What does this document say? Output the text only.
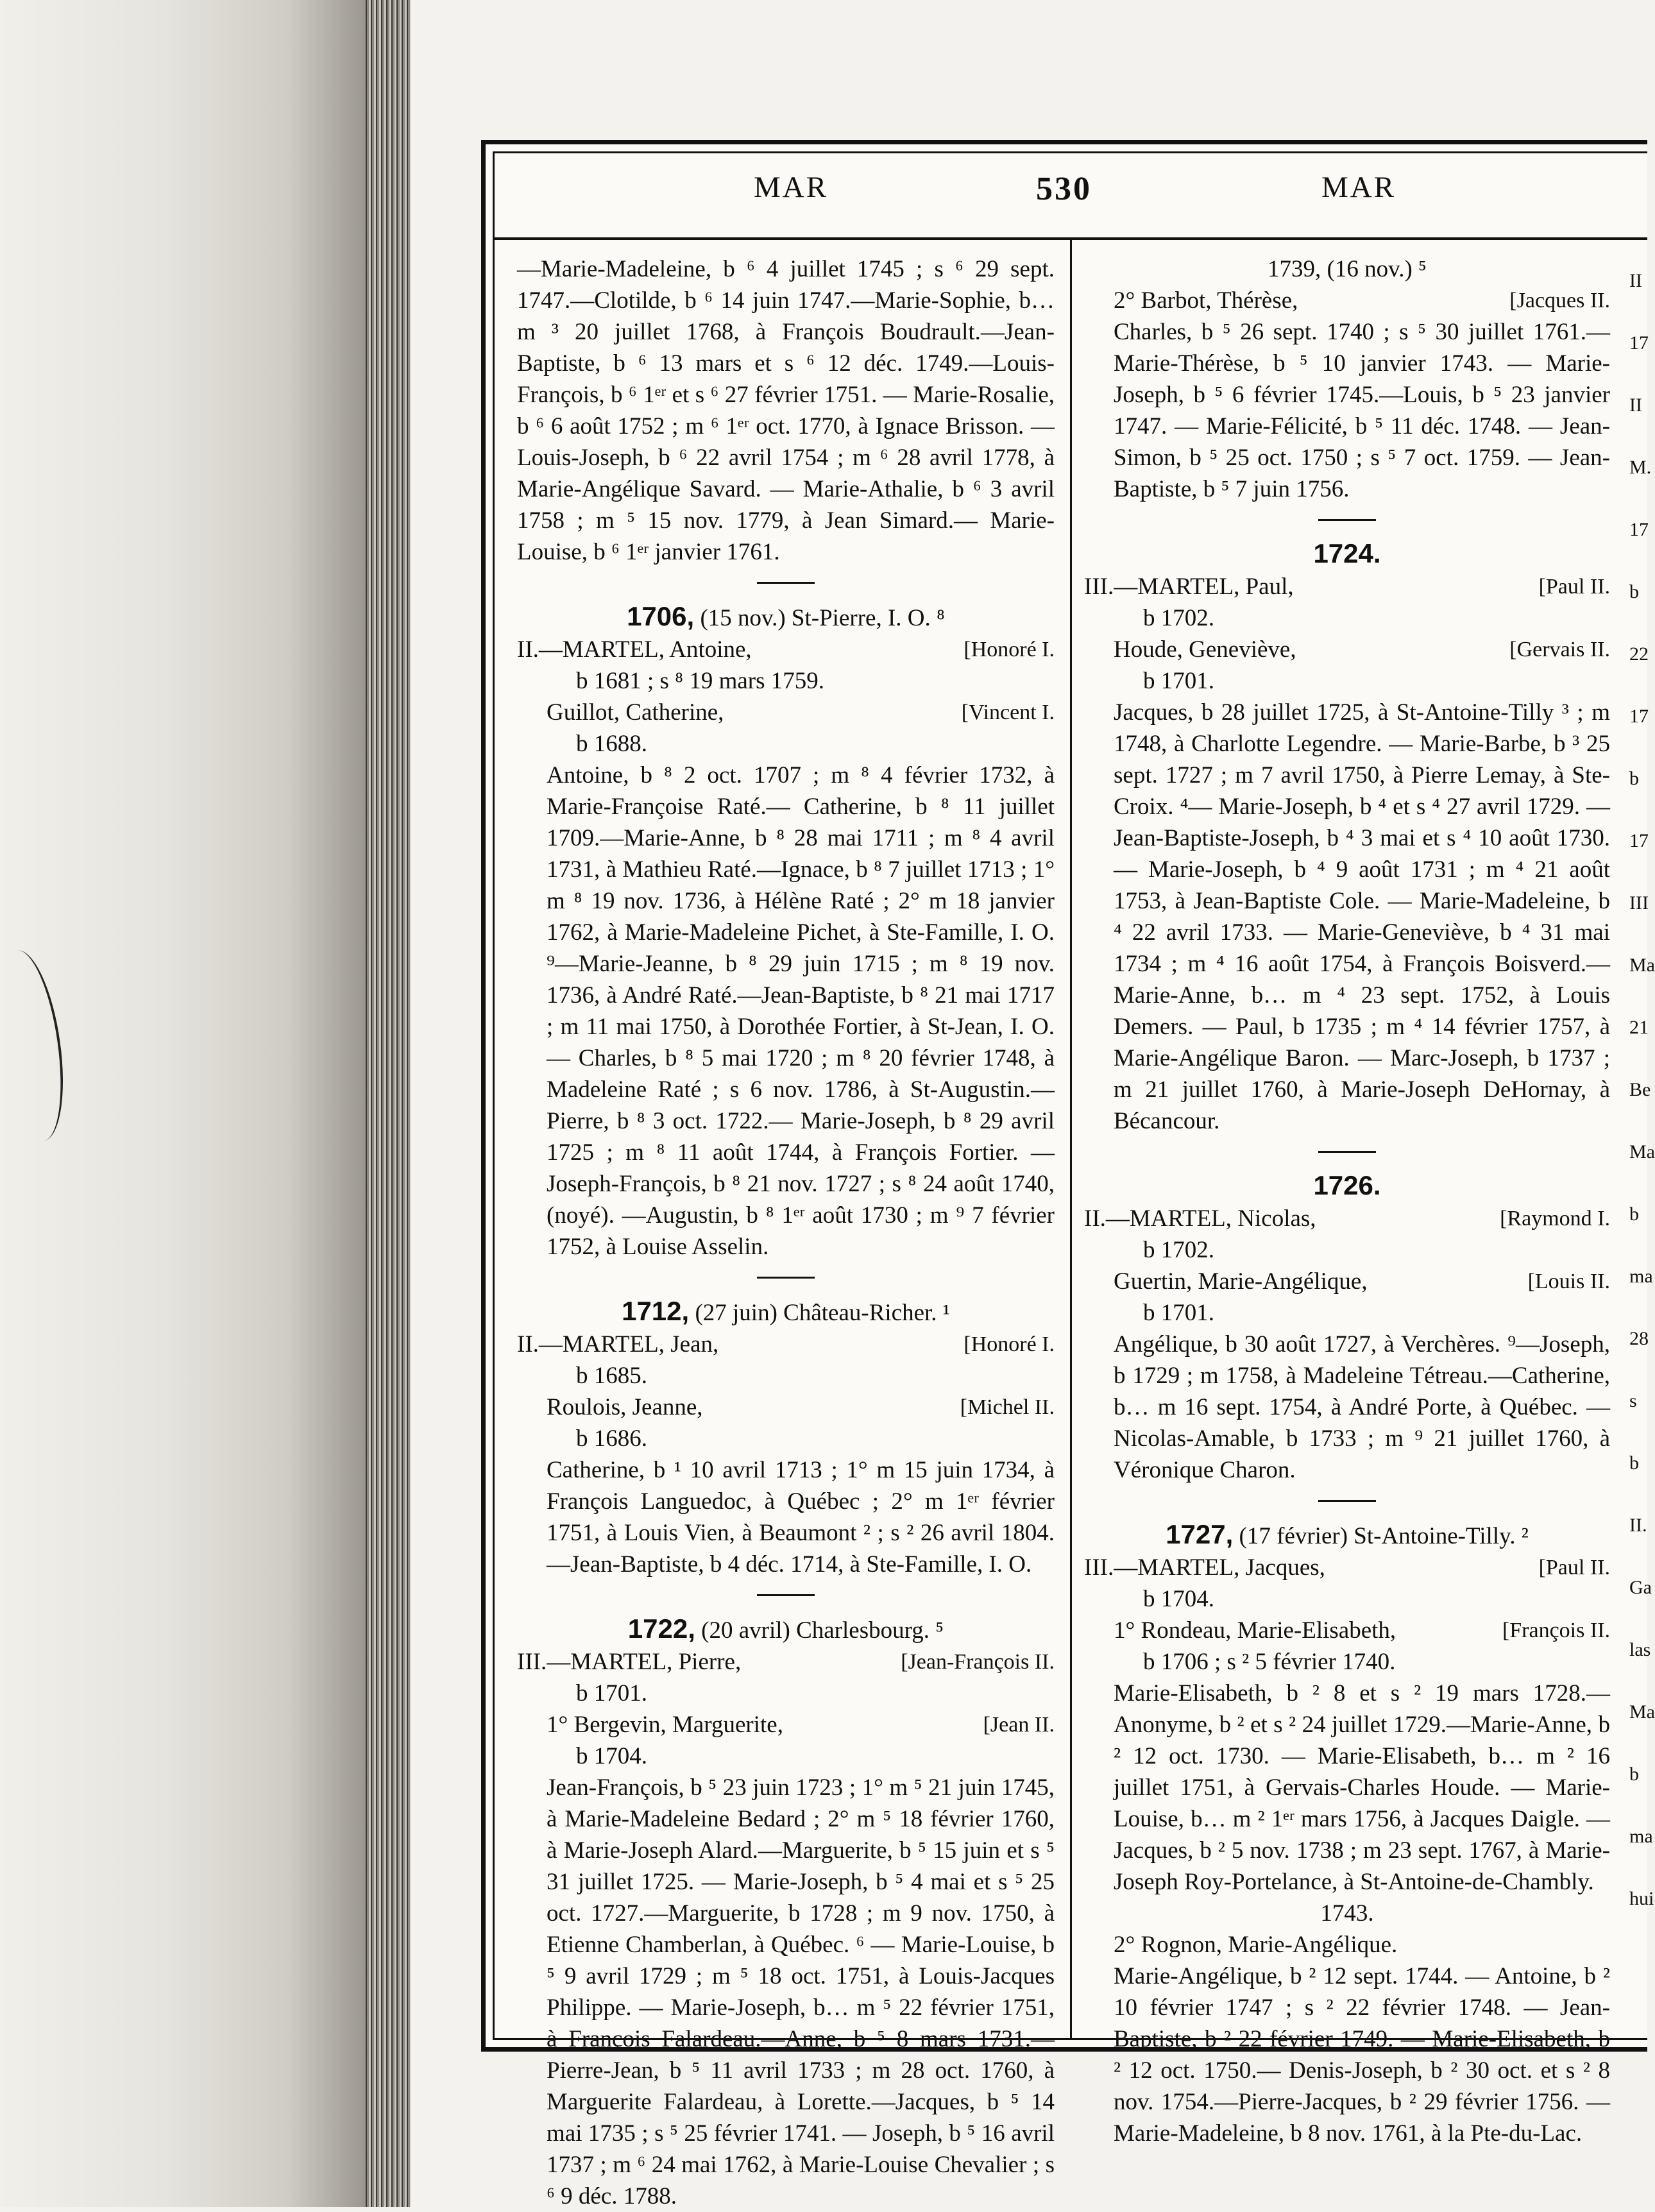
MAR	530	MAR

—Marie-Madeleine, b ⁶ 4 juillet 1745 ; s ⁶ 29 sept. 1747.—Clotilde, b ⁶ 14 juin 1747.—Marie-Sophie, b… m ³ 20 juillet 1768, à François Boudrault.—Jean-Baptiste, b ⁶ 13 mars et s ⁶ 12 déc. 1749.—Louis-François, b ⁶ 1ᵉʳ et s ⁶ 27 février 1751. — Marie-Rosalie, b ⁶ 6 août 1752 ; m ⁶ 1ᵉʳ oct. 1770, à Ignace Brisson. — Louis-Joseph, b ⁶ 22 avril 1754 ; m ⁶ 28 avril 1778, à Marie-Angélique Savard. — Marie-Athalie, b ⁶ 3 avril 1758 ; m ⁵ 15 nov. 1779, à Jean Simard.— Marie-Louise, b ⁶ 1ᵉʳ janvier 1761.

1706, (15 nov.) St-Pierre, I. O. ⁸

II.—MARTEL, Antoine,	[Honoré I.

b 1681 ; s ⁸ 19 mars 1759.

Guillot, Catherine,	[Vincent I.

b 1688.

Antoine, b ⁸ 2 oct. 1707 ; m ⁸ 4 février 1732, à Marie-Françoise Raté.— Catherine, b ⁸ 11 juillet 1709.—Marie-Anne, b ⁸ 28 mai 1711 ; m ⁸ 4 avril 1731, à Mathieu Raté.—Ignace, b ⁸ 7 juillet 1713 ; 1° m ⁸ 19 nov. 1736, à Hélène Raté ; 2° m 18 janvier 1762, à Marie-Madeleine Pichet, à Ste-Famille, I. O. ⁹—Marie-Jeanne, b ⁸ 29 juin 1715 ; m ⁸ 19 nov. 1736, à André Raté.—Jean-Baptiste, b ⁸ 21 mai 1717 ; m 11 mai 1750, à Dorothée Fortier, à St-Jean, I. O. — Charles, b ⁸ 5 mai 1720 ; m ⁸ 20 février 1748, à Madeleine Raté ; s 6 nov. 1786, à St-Augustin.—Pierre, b ⁸ 3 oct. 1722.— Marie-Joseph, b ⁸ 29 avril 1725 ; m ⁸ 11 août 1744, à François Fortier. — Joseph-François, b ⁸ 21 nov. 1727 ; s ⁸ 24 août 1740, (noyé). —Augustin, b ⁸ 1ᵉʳ août 1730 ; m ⁹ 7 février 1752, à Louise Asselin.

1712, (27 juin) Château-Richer. ¹

II.—MARTEL, Jean,	[Honoré I.

b 1685.

Roulois, Jeanne,	[Michel II.

b 1686.

Catherine, b ¹ 10 avril 1713 ; 1° m 15 juin 1734, à François Languedoc, à Québec ; 2° m 1ᵉʳ février 1751, à Louis Vien, à Beaumont ² ; s ² 26 avril 1804.—Jean-Baptiste, b 4 déc. 1714, à Ste-Famille, I. O.

1722, (20 avril) Charlesbourg. ⁵

III.—MARTEL, Pierre,	[Jean-François II.

b 1701.

1° Bergevin, Marguerite,	[Jean II.

b 1704.

Jean-François, b ⁵ 23 juin 1723 ; 1° m ⁵ 21 juin 1745, à Marie-Madeleine Bedard ; 2° m ⁵ 18 février 1760, à Marie-Joseph Alard.—Marguerite, b ⁵ 15 juin et s ⁵ 31 juillet 1725. — Marie-Joseph, b ⁵ 4 mai et s ⁵ 25 oct. 1727.—Marguerite, b 1728 ; m 9 nov. 1750, à Etienne Chamberlan, à Québec. ⁶ — Marie-Louise, b ⁵ 9 avril 1729 ; m ⁵ 18 oct. 1751, à Louis-Jacques Philippe. — Marie-Joseph, b… m ⁵ 22 février 1751, à François Falardeau.—Anne, b ⁵ 8 mars 1731.— Pierre-Jean, b ⁵ 11 avril 1733 ; m 28 oct. 1760, à Marguerite Falardeau, à Lorette.—Jacques, b ⁵ 14 mai 1735 ; s ⁵ 25 février 1741. — Joseph, b ⁵ 16 avril 1737 ; m ⁶ 24 mai 1762, à Marie-Louise Chevalier ; s ⁶ 9 déc. 1788.

1739, (16 nov.) ⁵

2° Barbot, Thérèse,	[Jacques II.

Charles, b ⁵ 26 sept. 1740 ; s ⁵ 30 juillet 1761.—Marie-Thérèse, b ⁵ 10 janvier 1743. — Marie-Joseph, b ⁵ 6 février 1745.—Louis, b ⁵ 23 janvier 1747. — Marie-Félicité, b ⁵ 11 déc. 1748. — Jean-Simon, b ⁵ 25 oct. 1750 ; s ⁵ 7 oct. 1759. — Jean-Baptiste, b ⁵ 7 juin 1756.

1724.

III.—MARTEL, Paul,	[Paul II.

b 1702.

Houde, Geneviève,	[Gervais II.

b 1701.

Jacques, b 28 juillet 1725, à St-Antoine-Tilly ³ ; m 1748, à Charlotte Legendre. — Marie-Barbe, b ³ 25 sept. 1727 ; m 7 avril 1750, à Pierre Lemay, à Ste-Croix. ⁴— Marie-Joseph, b ⁴ et s ⁴ 27 avril 1729. — Jean-Baptiste-Joseph, b ⁴ 3 mai et s ⁴ 10 août 1730. — Marie-Joseph, b ⁴ 9 août 1731 ; m ⁴ 21 août 1753, à Jean-Baptiste Cole. — Marie-Madeleine, b ⁴ 22 avril 1733. — Marie-Geneviève, b ⁴ 31 mai 1734 ; m ⁴ 16 août 1754, à François Boisverd.—Marie-Anne, b… m ⁴ 23 sept. 1752, à Louis Demers. — Paul, b 1735 ; m ⁴ 14 février 1757, à Marie-Angélique Baron. — Marc-Joseph, b 1737 ; m 21 juillet 1760, à Marie-Joseph DeHornay, à Bécancour.

1726.

II.—MARTEL, Nicolas,	[Raymond I.

b 1702.

Guertin, Marie-Angélique,	[Louis II.

b 1701.

Angélique, b 30 août 1727, à Verchères. ⁹—Joseph, b 1729 ; m 1758, à Madeleine Tétreau.—Catherine, b… m 16 sept. 1754, à André Porte, à Québec. — Nicolas-Amable, b 1733 ; m ⁹ 21 juillet 1760, à Véronique Charon.

1727, (17 février) St-Antoine-Tilly. ²

III.—MARTEL, Jacques,	[Paul II.

b 1704.

1° Rondeau, Marie-Elisabeth,	[François II.

b 1706 ; s ² 5 février 1740.

Marie-Elisabeth, b ² 8 et s ² 19 mars 1728.—Anonyme, b ² et s ² 24 juillet 1729.—Marie-Anne, b ² 12 oct. 1730. — Marie-Elisabeth, b… m ² 16 juillet 1751, à Gervais-Charles Houde. — Marie-Louise, b… m ² 1ᵉʳ mars 1756, à Jacques Daigle. —Jacques, b ² 5 nov. 1738 ; m 23 sept. 1767, à Marie-Joseph Roy-Portelance, à St-Antoine-de-Chambly.

1743.

2° Rognon, Marie-Angélique.

Marie-Angélique, b ² 12 sept. 1744. — Antoine, b ² 10 février 1747 ; s ² 22 février 1748. — Jean-Baptiste, b ² 22 février 1749. — Marie-Elisabeth, b ² 12 oct. 1750.— Denis-Joseph, b ² 30 oct. et s ² 8 nov. 1754.—Pierre-Jacques, b ² 29 février 1756. — Marie-Madeleine, b 8 nov. 1761, à la Pte-du-Lac.

II
17
II
M.
17
b
22
17
b
17
III
Ma
21
Be
Ma
b
ma
28
s
b
II.
Ga
las
Ma
b
ma
hui
